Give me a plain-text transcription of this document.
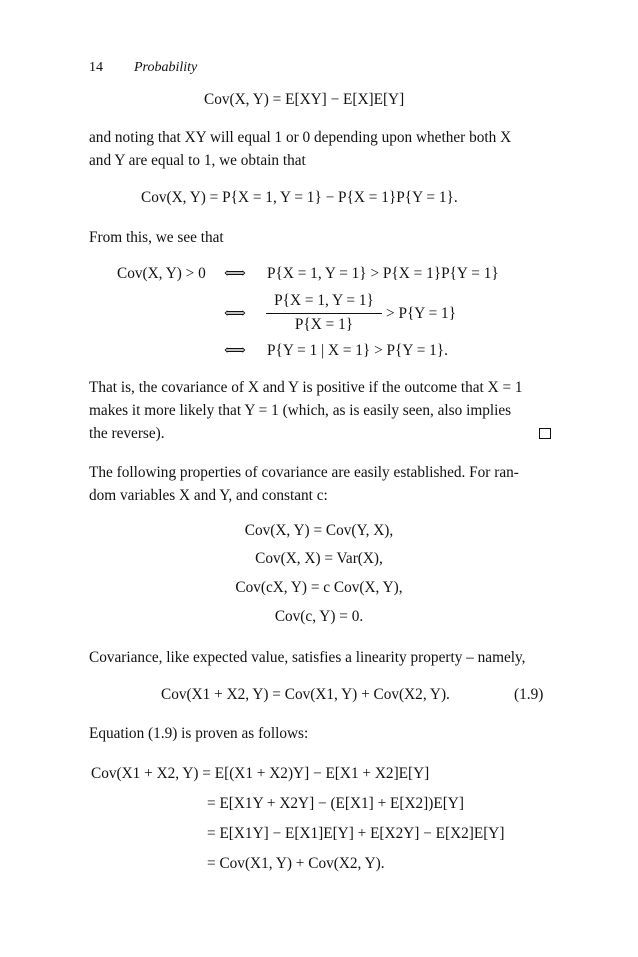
14 Probability
Cov(X, Y) = E[XY] − E[X]E[Y]
and noting that XY will equal 1 or 0 depending upon whether both X
and Y are equal to 1, we obtain that
Cov(X, Y) = P{X = 1, Y = 1} − P{X = 1}P{Y = 1}.
From this, we see that
Cov(X, Y) > 0 ⟺ P{X = 1, Y = 1} > P{X = 1}P{Y = 1}
P{X = 1, Y = 1}
P{X = 1}
⟺	> P{Y = 1}
⟺ P{Y = 1 | X = 1} > P{Y = 1}.
That is, the covariance of X and Y is positive if the outcome that X = 1
makes it more likely that Y = 1 (which, as is easily seen, also implies
the reverse).
The following properties of covariance are easily established. For ran-
dom variables X and Y, and constant c:
Cov(X, Y) = Cov(Y, X),
Cov(X, X) = Var(X),
Cov(cX, Y) = c Cov(X, Y),
Cov(c, Y) = 0.
Covariance, like expected value, satisfies a linearity property – namely,
Cov(X1 + X2, Y) = Cov(X1, Y) + Cov(X2, Y).	(1.9)
Equation (1.9) is proven as follows:
Cov(X1 + X2, Y) = E[(X1 + X2)Y] − E[X1 + X2]E[Y]
= E[X1Y + X2Y] − (E[X1] + E[X2])E[Y]
= E[X1Y] − E[X1]E[Y] + E[X2Y] − E[X2]E[Y]
= Cov(X1, Y) + Cov(X2, Y).
